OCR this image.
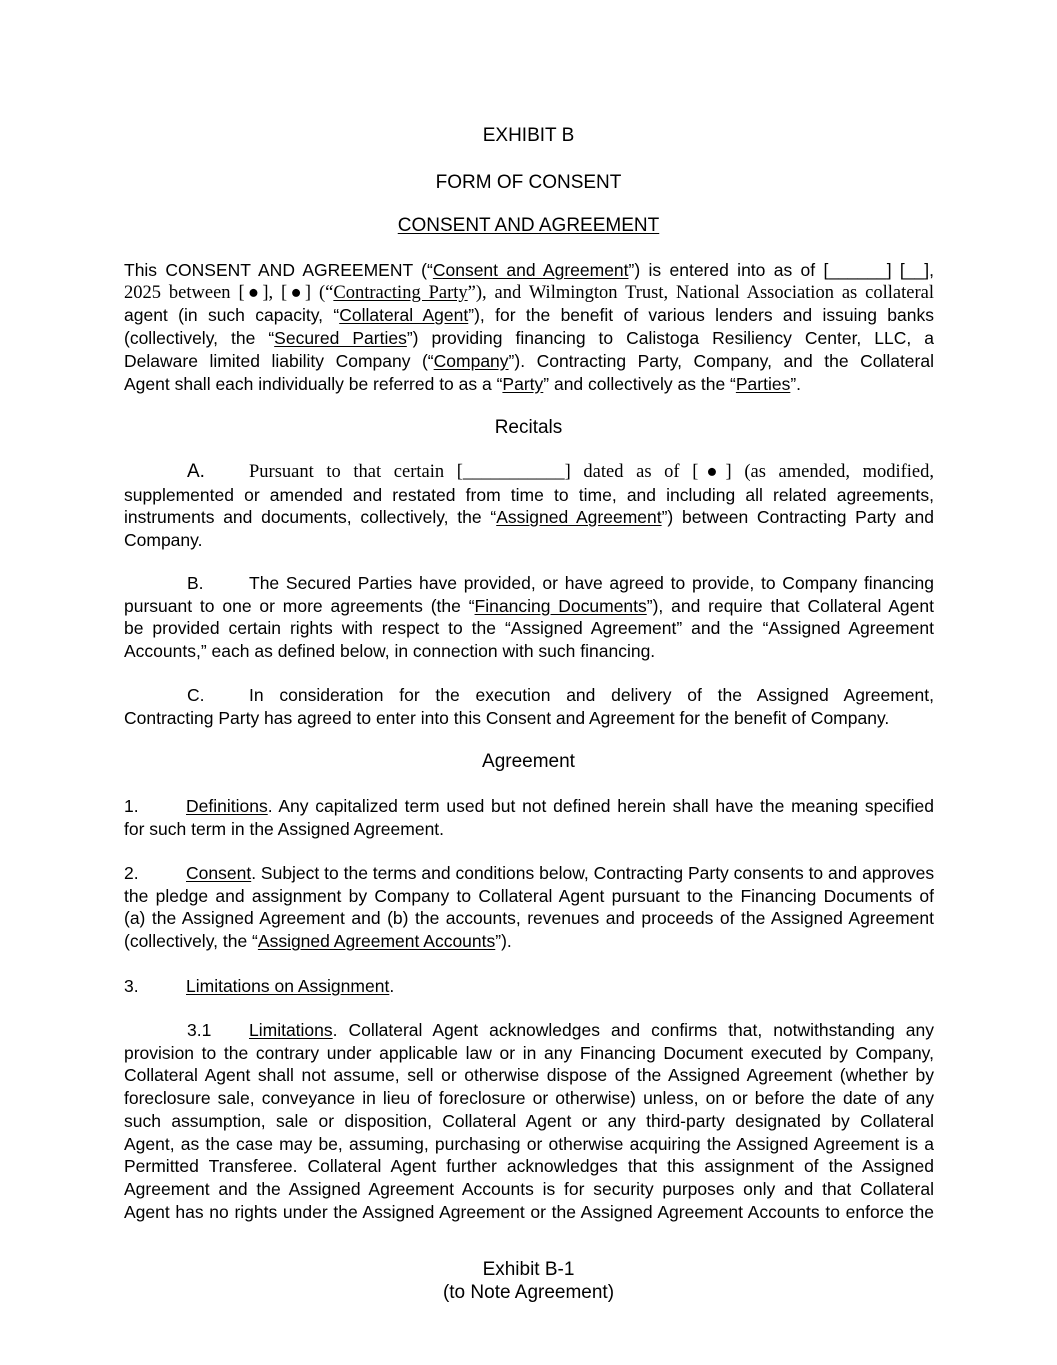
EXHIBIT B
FORM OF CONSENT
CONSENT AND AGREEMENT
This CONSENT AND AGREEMENT (“Consent and Agreement”) is entered into as of [______] [__],
2025 between [●], [●] (“Contracting Party”), and Wilmington Trust, National Association as collateral
agent (in such capacity, “Collateral Agent”), for the benefit of various lenders and issuing banks
(collectively, the “Secured Parties”) providing financing to Calistoga Resiliency Center, LLC, a
Delaware limited liability Company (“Company”). Contracting Party, Company, and the Collateral
Agent shall each individually be referred to as a “Party” and collectively as the “Parties”.
Recitals
A. Pursuant to that certain [___________] dated as of [●] (as amended, modified,
supplemented or amended and restated from time to time, and including all related agreements,
instruments and documents, collectively, the “Assigned Agreement”) between Contracting Party and
Company.
B.	The Secured Parties have provided, or have agreed to provide, to Company financing
pursuant to one or more agreements (the “Financing Documents”), and require that Collateral Agent
be provided certain rights with respect to the “Assigned Agreement” and the “Assigned Agreement
Accounts,” each as defined below, in connection with such financing.
C.	In consideration for the execution and delivery of the Assigned Agreement,
Contracting Party has agreed to enter into this Consent and Agreement for the benefit of Company.
Agreement
1.	Definitions. Any capitalized term used but not defined herein shall have the meaning specified
for such term in the Assigned Agreement.
2.	Consent. Subject to the terms and conditions below, Contracting Party consents to and approves
the pledge and assignment by Company to Collateral Agent pursuant to the Financing Documents of
(a) the Assigned Agreement and (b) the accounts, revenues and proceeds of the Assigned Agreement
(collectively, the “Assigned Agreement Accounts”).
3.	Limitations on Assignment.
3.1 Limitations. Collateral Agent acknowledges and confirms that, notwithstanding any
provision to the contrary under applicable law or in any Financing Document executed by Company,
Collateral Agent shall not assume, sell or otherwise dispose of the Assigned Agreement (whether by
foreclosure sale, conveyance in lieu of foreclosure or otherwise) unless, on or before the date of any
such assumption, sale or disposition, Collateral Agent or any third-party designated by Collateral
Agent, as the case may be, assuming, purchasing or otherwise acquiring the Assigned Agreement is a
Permitted Transferee. Collateral Agent further acknowledges that this assignment of the Assigned
Agreement and the Assigned Agreement Accounts is for security purposes only and that Collateral
Agent has no rights under the Assigned Agreement or the Assigned Agreement Accounts to enforce the
Exhibit B-1
(to Note Agreement)
